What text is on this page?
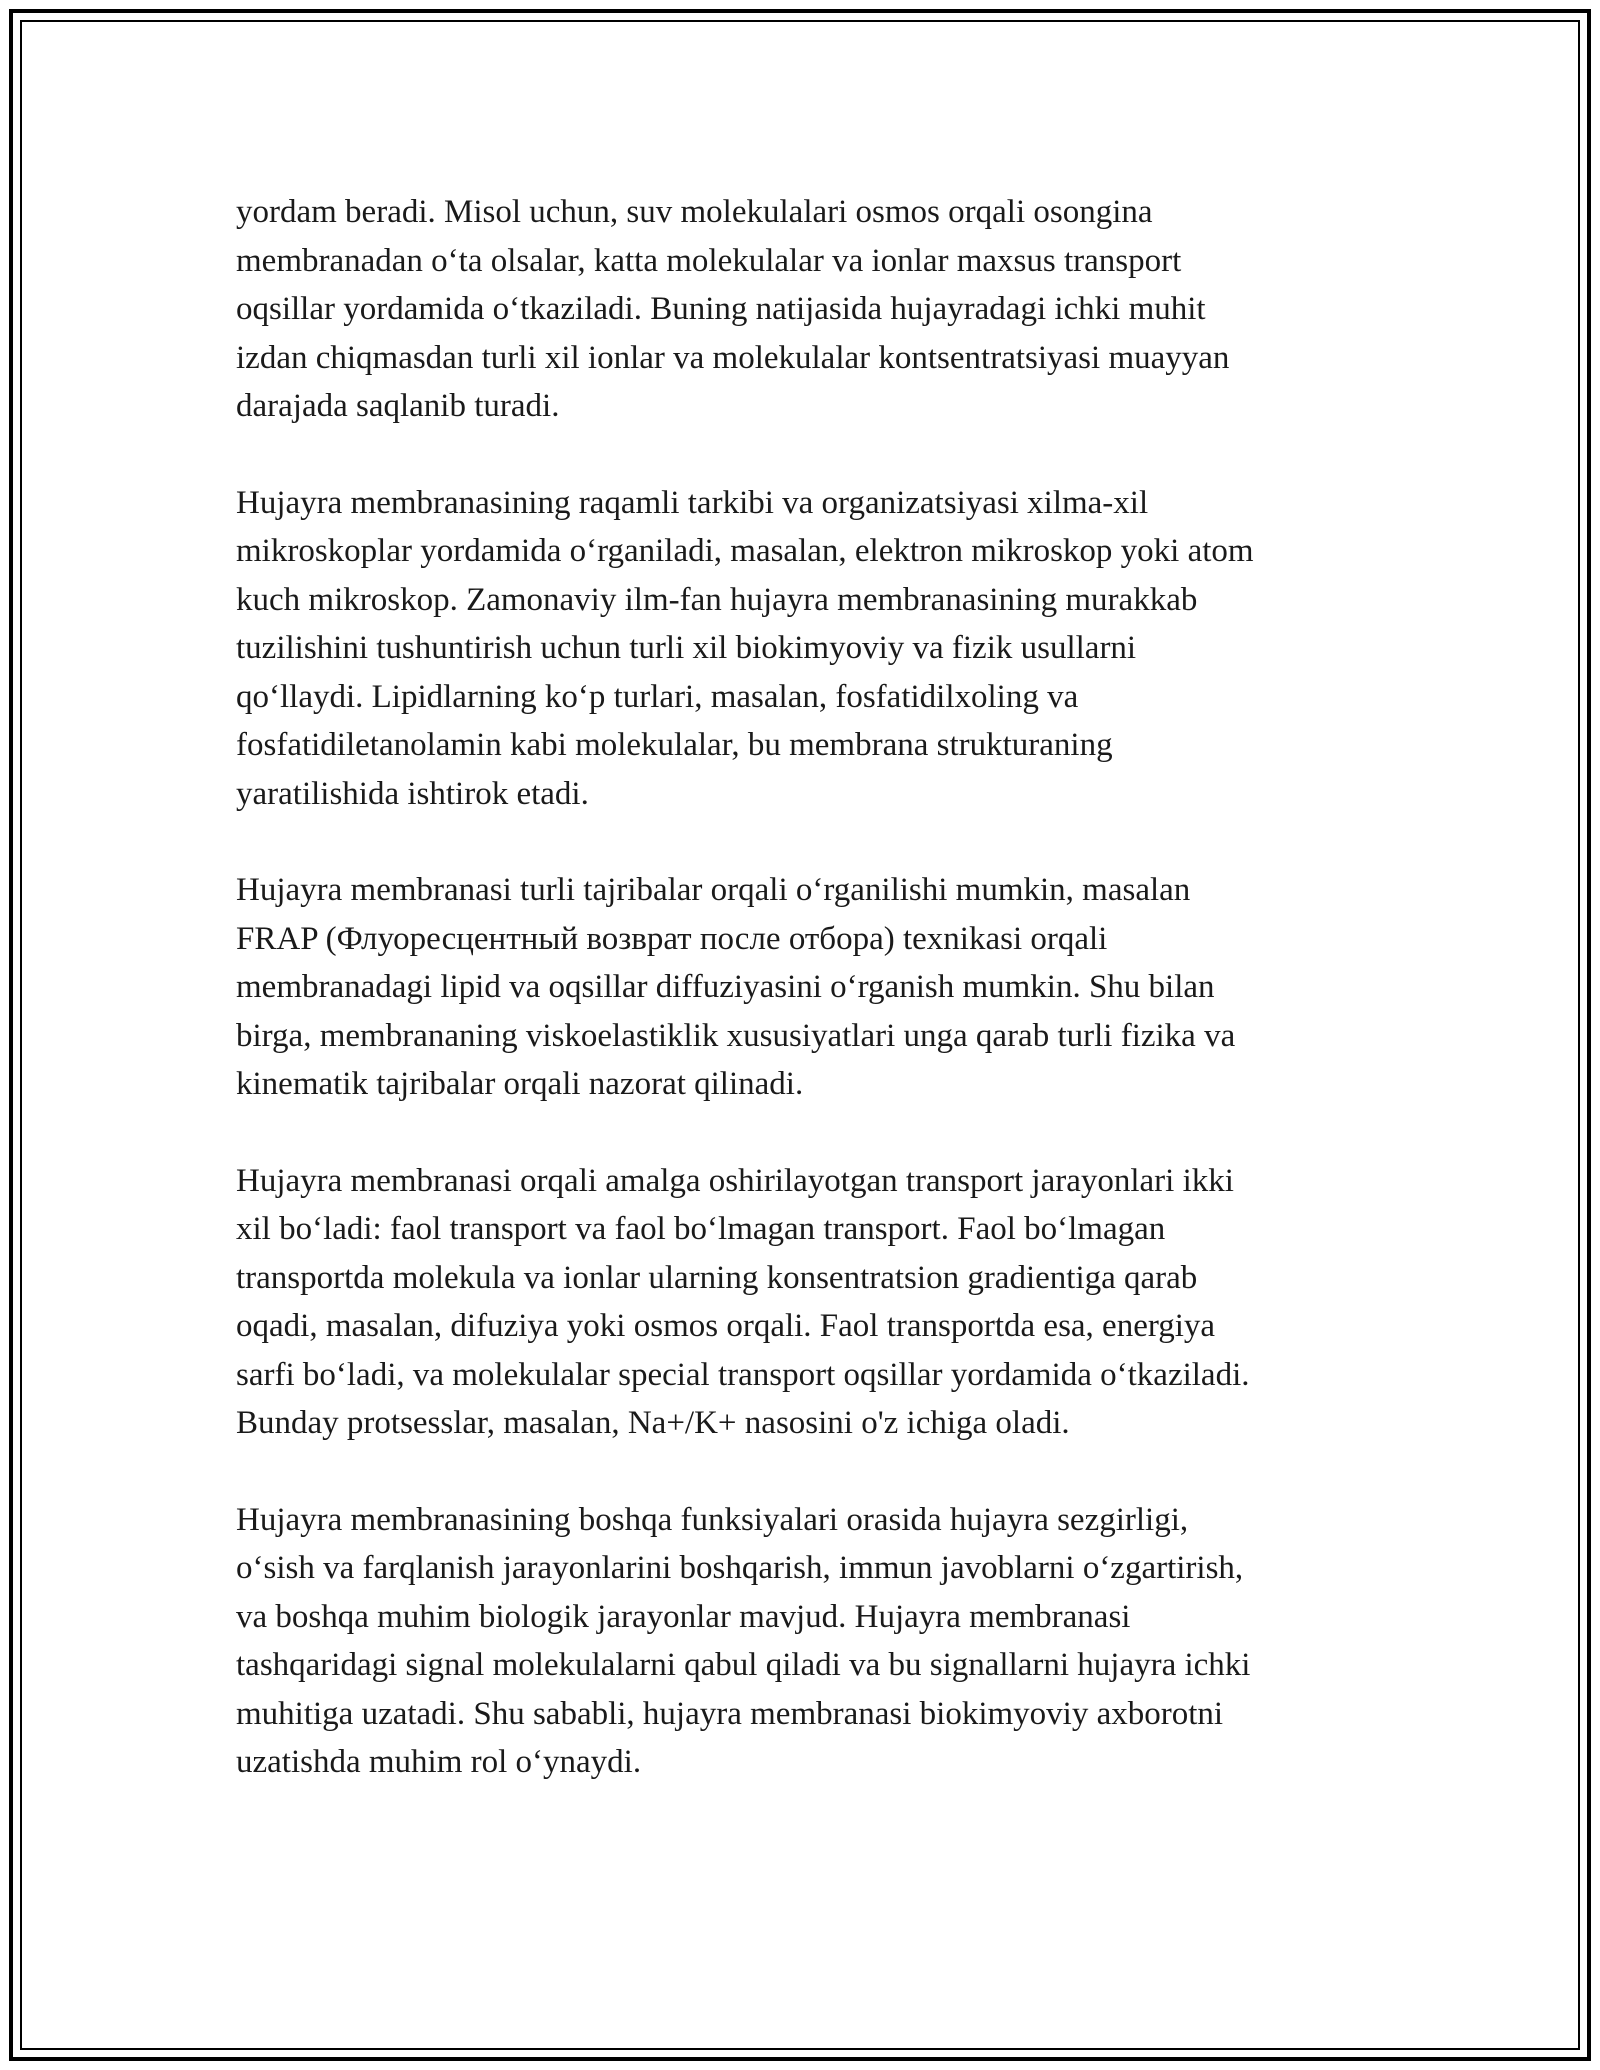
yordam beradi. Misol uchun, suv molekulalari osmos orqali osongina
membranadan oʻta olsalar, katta molekulalar va ionlar maxsus transport
oqsillar yordamida oʻtkaziladi. Buning natijasida hujayradagi ichki muhit
izdan chiqmasdan turli xil ionlar va molekulalar kontsentratsiyasi muayyan
darajada saqlanib turadi.

Hujayra membranasining raqamli tarkibi va organizatsiyasi xilma-xil
mikroskoplar yordamida oʻrganiladi, masalan, elektron mikroskop yoki atom
kuch mikroskop. Zamonaviy ilm-fan hujayra membranasining murakkab
tuzilishini tushuntirish uchun turli xil biokimyoviy va fizik usullarni
qoʻllaydi. Lipidlarning koʻp turlari, masalan, fosfatidilxoling va
fosfatidiletanolamin kabi molekulalar, bu membrana strukturaning
yaratilishida ishtirok etadi.

Hujayra membranasi turli tajribalar orqali oʻrganilishi mumkin, masalan
FRAP (Флуоресцентный возврат после отбора) texnikasi orqali
membranadagi lipid va oqsillar diffuziyasini oʻrganish mumkin. Shu bilan
birga, membrananing viskoelastiklik xususiyatlari unga qarab turli fizika va
kinematik tajribalar orqali nazorat qilinadi.

Hujayra membranasi orqali amalga oshirilayotgan transport jarayonlari ikki
xil boʻladi: faol transport va faol boʻlmagan transport. Faol boʻlmagan
transportda molekula va ionlar ularning konsentratsion gradientiga qarab
oqadi, masalan, difuziya yoki osmos orqali. Faol transportda esa, energiya
sarfi boʻladi, va molekulalar special transport oqsillar yordamida oʻtkaziladi.
Bunday protsesslar, masalan, Na+/K+ nasosini o'z ichiga oladi.

Hujayra membranasining boshqa funksiyalari orasida hujayra sezgirligi,
oʻsish va farqlanish jarayonlarini boshqarish, immun javoblarni oʻzgartirish,
va boshqa muhim biologik jarayonlar mavjud. Hujayra membranasi
tashqaridagi signal molekulalarni qabul qiladi va bu signallarni hujayra ichki
muhitiga uzatadi. Shu sababli, hujayra membranasi biokimyoviy axborotni
uzatishda muhim rol oʻynaydi.
